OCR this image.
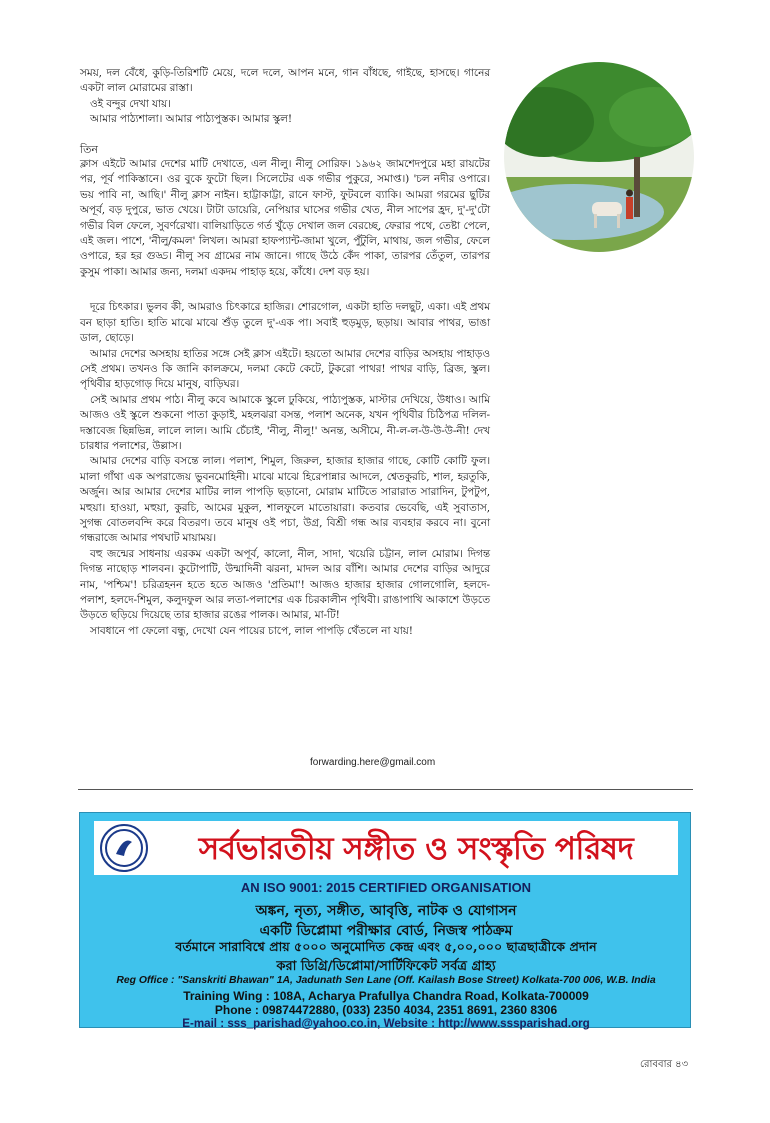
সময়, দল বেঁধে, কুড়ি-তিরিশটি মেয়ে, দলে দলে, আপন মনে, গান বাঁধছে, গাইছে, হাসছে। গানের একটা লাল মোরামের রাস্তা।

ওই বন্দুর দেখা যায়।

আমার পাঠ্যশালা। আমার পাঠ্যপুস্তক। আমার স্কুল!

তিন

ক্লাস এইটে আমার দেশের মাটি দেখাতে, এল নীলু। নীলু সোরিফ। ১৯৬২ জামশেদপুরে মহা রায়টের পর, পূর্ব পাকিস্তানে। ওর বুকে ফুটো ছিল। সিলেটের এক গভীর পুকুরে, সমাপ্ত।) 'চল নদীর ওপারে। ভয় পাবি না, আছি।' নীলু ক্লাস নাইন। হাট্টাকাট্টা, রানে ফাস্ট, ফুটবলে ব্যাকি। আমরা গরমের ছুটির অপূর্ব, বড় দুপুরে, ভাত খেয়ে। টাটা ডায়েরি, নেপিয়ার ঘাসের গভীর খেত, নীল সাপের হ্রদ, দু'-দু'টো গভীর বিল ফেলে, সুবর্ণরেখা। বালিয়াড়িতে গর্ত খুঁড়ে দেখাল জল বেরচ্ছে, ফেরার পথে, তেষ্টা পেলে, এই জল। পাশে, 'নীলু/কমল' লিখল। আমরা হাফপ্যান্ট-জামা খুলে, পুঁটুলি, মাথায়, জল গভীর, ফেলে ওপারে, হর হর গুড্ড। নীলু সব গ্রামের নাম জানে। গাছে উঠে কেঁদ পাকা, তারপর তেঁতুল, তারপর কুসুম পাকা। আমার জন্য, দলমা একদম পাহাড় হয়ে, কাঁধে। দেশ বড় হয়।

দূরে চিৎকার। ভুলব কী, আমরাও চিৎকারে হাজির। শোরগোল, একটা হাতি দলছুট, একা। এই প্রথম বন ছাড়া হাতি। হাতি মাঝে মাঝে শুঁড় তুলে দু'-এক পা। সবাই হুড়মুড়, ছড়ায়। আবার পাথর, ভাঙা ডাল, ছোড়ে।

আমার দেশের অসহায় হাতির সঙ্গে সেই ক্লাস এইটে। হয়তো আমার দেশের বাড়ির অসহায় পাহাড়ও সেই প্রথম। তখনও কি জানি কালক্রমে, দলমা কেটে কেটে, টুকরো পাথর! পাথর বাড়ি, ব্রিজ, স্কুল। পৃথিবীর হাড়গোড় দিয়ে মানুষ, বাড়িঘর।

সেই আমার প্রথম পাঠ। নীলু কবে আমাকে স্কুলে ঢুকিয়ে, পাঠ্যপুস্তক, মাস্টার দেখিয়ে, উধাও। আমি আজও ওই স্কুলে শুকনো পাতা কুড়াই, মহলঝরা বসন্ত, পলাশ অনেক, যখন পৃথিবীর চিঠিপত্র দলিল-দস্তাবেজ ছিন্নভিন্ন, লালে লাল। আমি চেঁচাই, 'নীলু, নীলু!' অনন্ত, অসীমে, নী-ল-ল-উ-উ-উ-নী! দেখ চারধার পলাশের, উল্লাস।

আমার দেশের বাড়ি বসন্তে লাল। পলাশ, শিমুল, জিরুল, হাজার হাজার গাছে, কোটি কোটি ফুল। মালা গাঁথা এক অপরাজেয় ভুবনমোহিনী। মাঝে মাঝে হিরেপান্নার আদলে, শ্বেতকুরচি, শাল, হরতুকি, অর্জুন। আর আমার দেশের মাটির লাল পাপড়ি ছড়ানো, মোরাম মাটিতে সারারাত সারাদিন, টুপটুপ, মহুয়া। হাওয়া, মহুয়া, কুরচি, আমের মুকুল, শালফুলে মাতোয়ারা। কতবার ভেবেছি, এই সুবাতাস, সুগন্ধ বোতলবন্দি করে বিতরণ। তবে মানুষ ওই পচা, উগ্র, বিশ্রী গন্ধ আর ব্যবহার করবে না। বুনো গন্ধরাজে আমার পথঘাট মায়াময়।

বহু জন্মের সাধনায় এরকম একটা অপূর্ব, কালো, নীল, সাদা, খয়েরি চট্টান, লাল মোরাম। দিগন্ত দিগন্ত নাছোড় শালবন। কুটোপাটি, উন্মাদিনী ঝরনা, মাদল আর বাঁশি। আমার দেশের বাড়ির আদুরে নাম, 'পশ্চিম'! চরিত্রহনন হতে হতে আজও 'প্রতিমা'! আজও হাজার হাজার গোলগোলি, হলদে-পলাশ, হলদে-শিমুল, কলুদফুল আর লতা-পলাশের এক চিরকালীন পৃথিবী। রাঙাপাখি আকাশে উড়তে উড়তে ছড়িয়ে দিয়েছে তার হাজার রঙের পালক। আমার, মা-টি!

সাবধানে পা ফেলো বন্ধু, দেখো যেন পায়ের চাপে, লাল পাপড়ি থেঁতলে না যায়!

forwarding.here@gmail.com
সর্বভারতীয় সঙ্গীত ও সংস্কৃতি পরিষদ
AN ISO 9001: 2015 CERTIFIED ORGANISATION
অঙ্কন, নৃত্য, সঙ্গীত, আবৃত্তি, নাটক ও যোগাসন
একটি ডিপ্লোমা পরীক্ষার বোর্ড, নিজস্ব পাঠক্রম
বর্তমানে সারাবিশ্বে প্রায় ৫০০০ অনুমোদিত কেন্দ্র এবং ৫,০০,০০০ ছাত্রছাত্রীকে প্রদান
করা ডিগ্রি/ডিপ্লোমা/সার্টিফিকেট সর্বত্র গ্রাহ্য
Reg Office : "Sanskriti Bhawan" 1A, Jadunath Sen Lane (Off. Kailash Bose Street) Kolkata-700 006, W.B. India
Training Wing : 108A, Acharya Prafullya Chandra Road, Kolkata-700009
Phone : 09874472880, (033) 2350 4034, 2351 8691, 2360 8306
E-mail : sss_parishad@yahoo.co.in, Website : http://www.sssparishad.org
রোববার ৪৩
